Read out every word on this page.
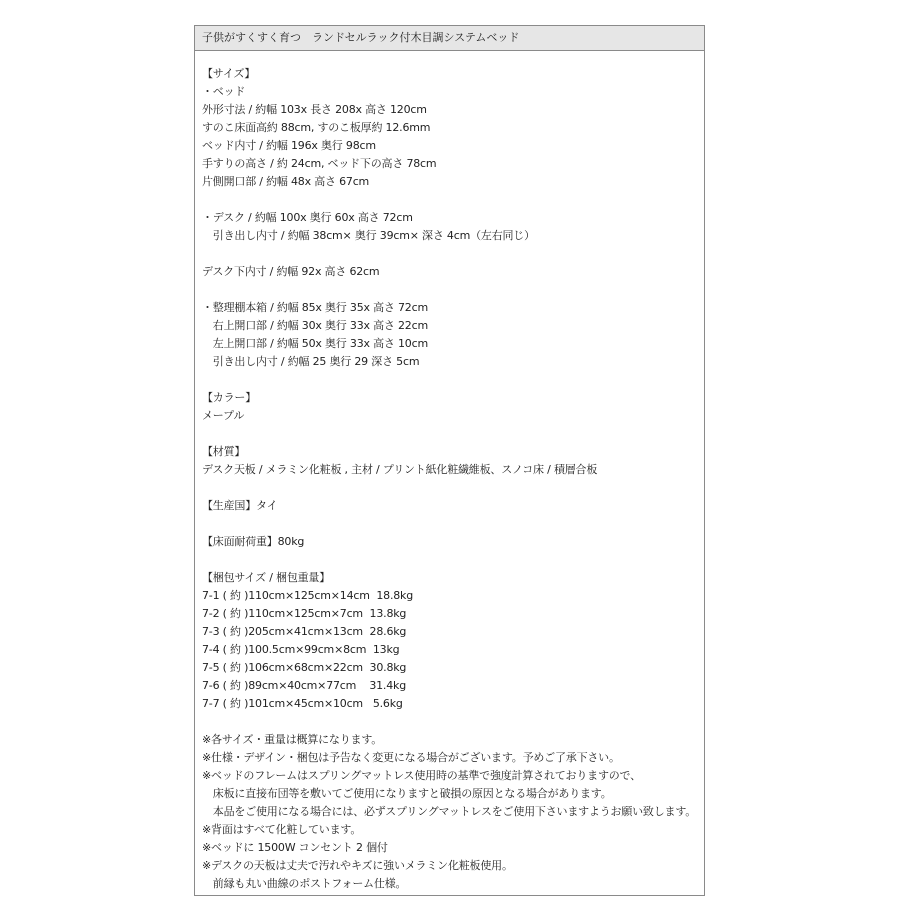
子供がすくすく育つ　ランドセルラック付木目調システムベッド
【サイズ】
・ベッド
外形寸法 / 約幅 103x 長さ 208x 高さ 120cm
すのこ床面高約 88cm, すのこ板厚約 12.6mm
ベッド内寸 / 約幅 196x 奥行 98cm
手すりの高さ / 約 24cm, ベッド下の高さ 78cm
片側開口部 / 約幅 48x 高さ 67cm
・デスク / 約幅 100x 奥行 60x 高さ 72cm
　引き出し内寸 / 約幅 38cm× 奥行 39cm× 深さ 4cm（左右同じ）
デスク下内寸 / 約幅 92x 高さ 62cm
・整理棚本箱 / 約幅 85x 奥行 35x 高さ 72cm
　右上開口部 / 約幅 30x 奥行 33x 高さ 22cm
　左上開口部 / 約幅 50x 奥行 33x 高さ 10cm
　引き出し内寸 / 約幅 25 奥行 29 深さ 5cm
【カラー】
メープル
【材質】
デスク天板 / メラミン化粧板 , 主材 / プリント紙化粧繊維板、スノコ床 / 積層合板
【生産国】タイ
【床面耐荷重】80kg
【梱包サイズ / 梱包重量】
7-1 ( 約 )110cm×125cm×14cm  18.8kg
7-2 ( 約 )110cm×125cm×7cm  13.8kg
7-3 ( 約 )205cm×41cm×13cm  28.6kg
7-4 ( 約 )100.5cm×99cm×8cm  13kg
7-5 ( 約 )106cm×68cm×22cm  30.8kg
7-6 ( 約 )89cm×40cm×77cm    31.4kg
7-7 ( 約 )101cm×45cm×10cm   5.6kg
※各サイズ・重量は概算になります。
※仕様・デザイン・梱包は予告なく変更になる場合がございます。予めご了承下さい。
※ベッドのフレームはスプリングマットレス使用時の基準で強度計算されておりますので、
　床板に直接布団等を敷いてご使用になりますと破損の原因となる場合があります。
　本品をご使用になる場合には、必ずスプリングマットレスをご使用下さいますようお願い致します。
※背面はすべて化粧しています。
※ベッドに 1500W コンセント 2 個付
※デスクの天板は丈夫で汚れやキズに強いメラミン化粧板使用。
　前縁も丸い曲線のポストフォーム仕様。
